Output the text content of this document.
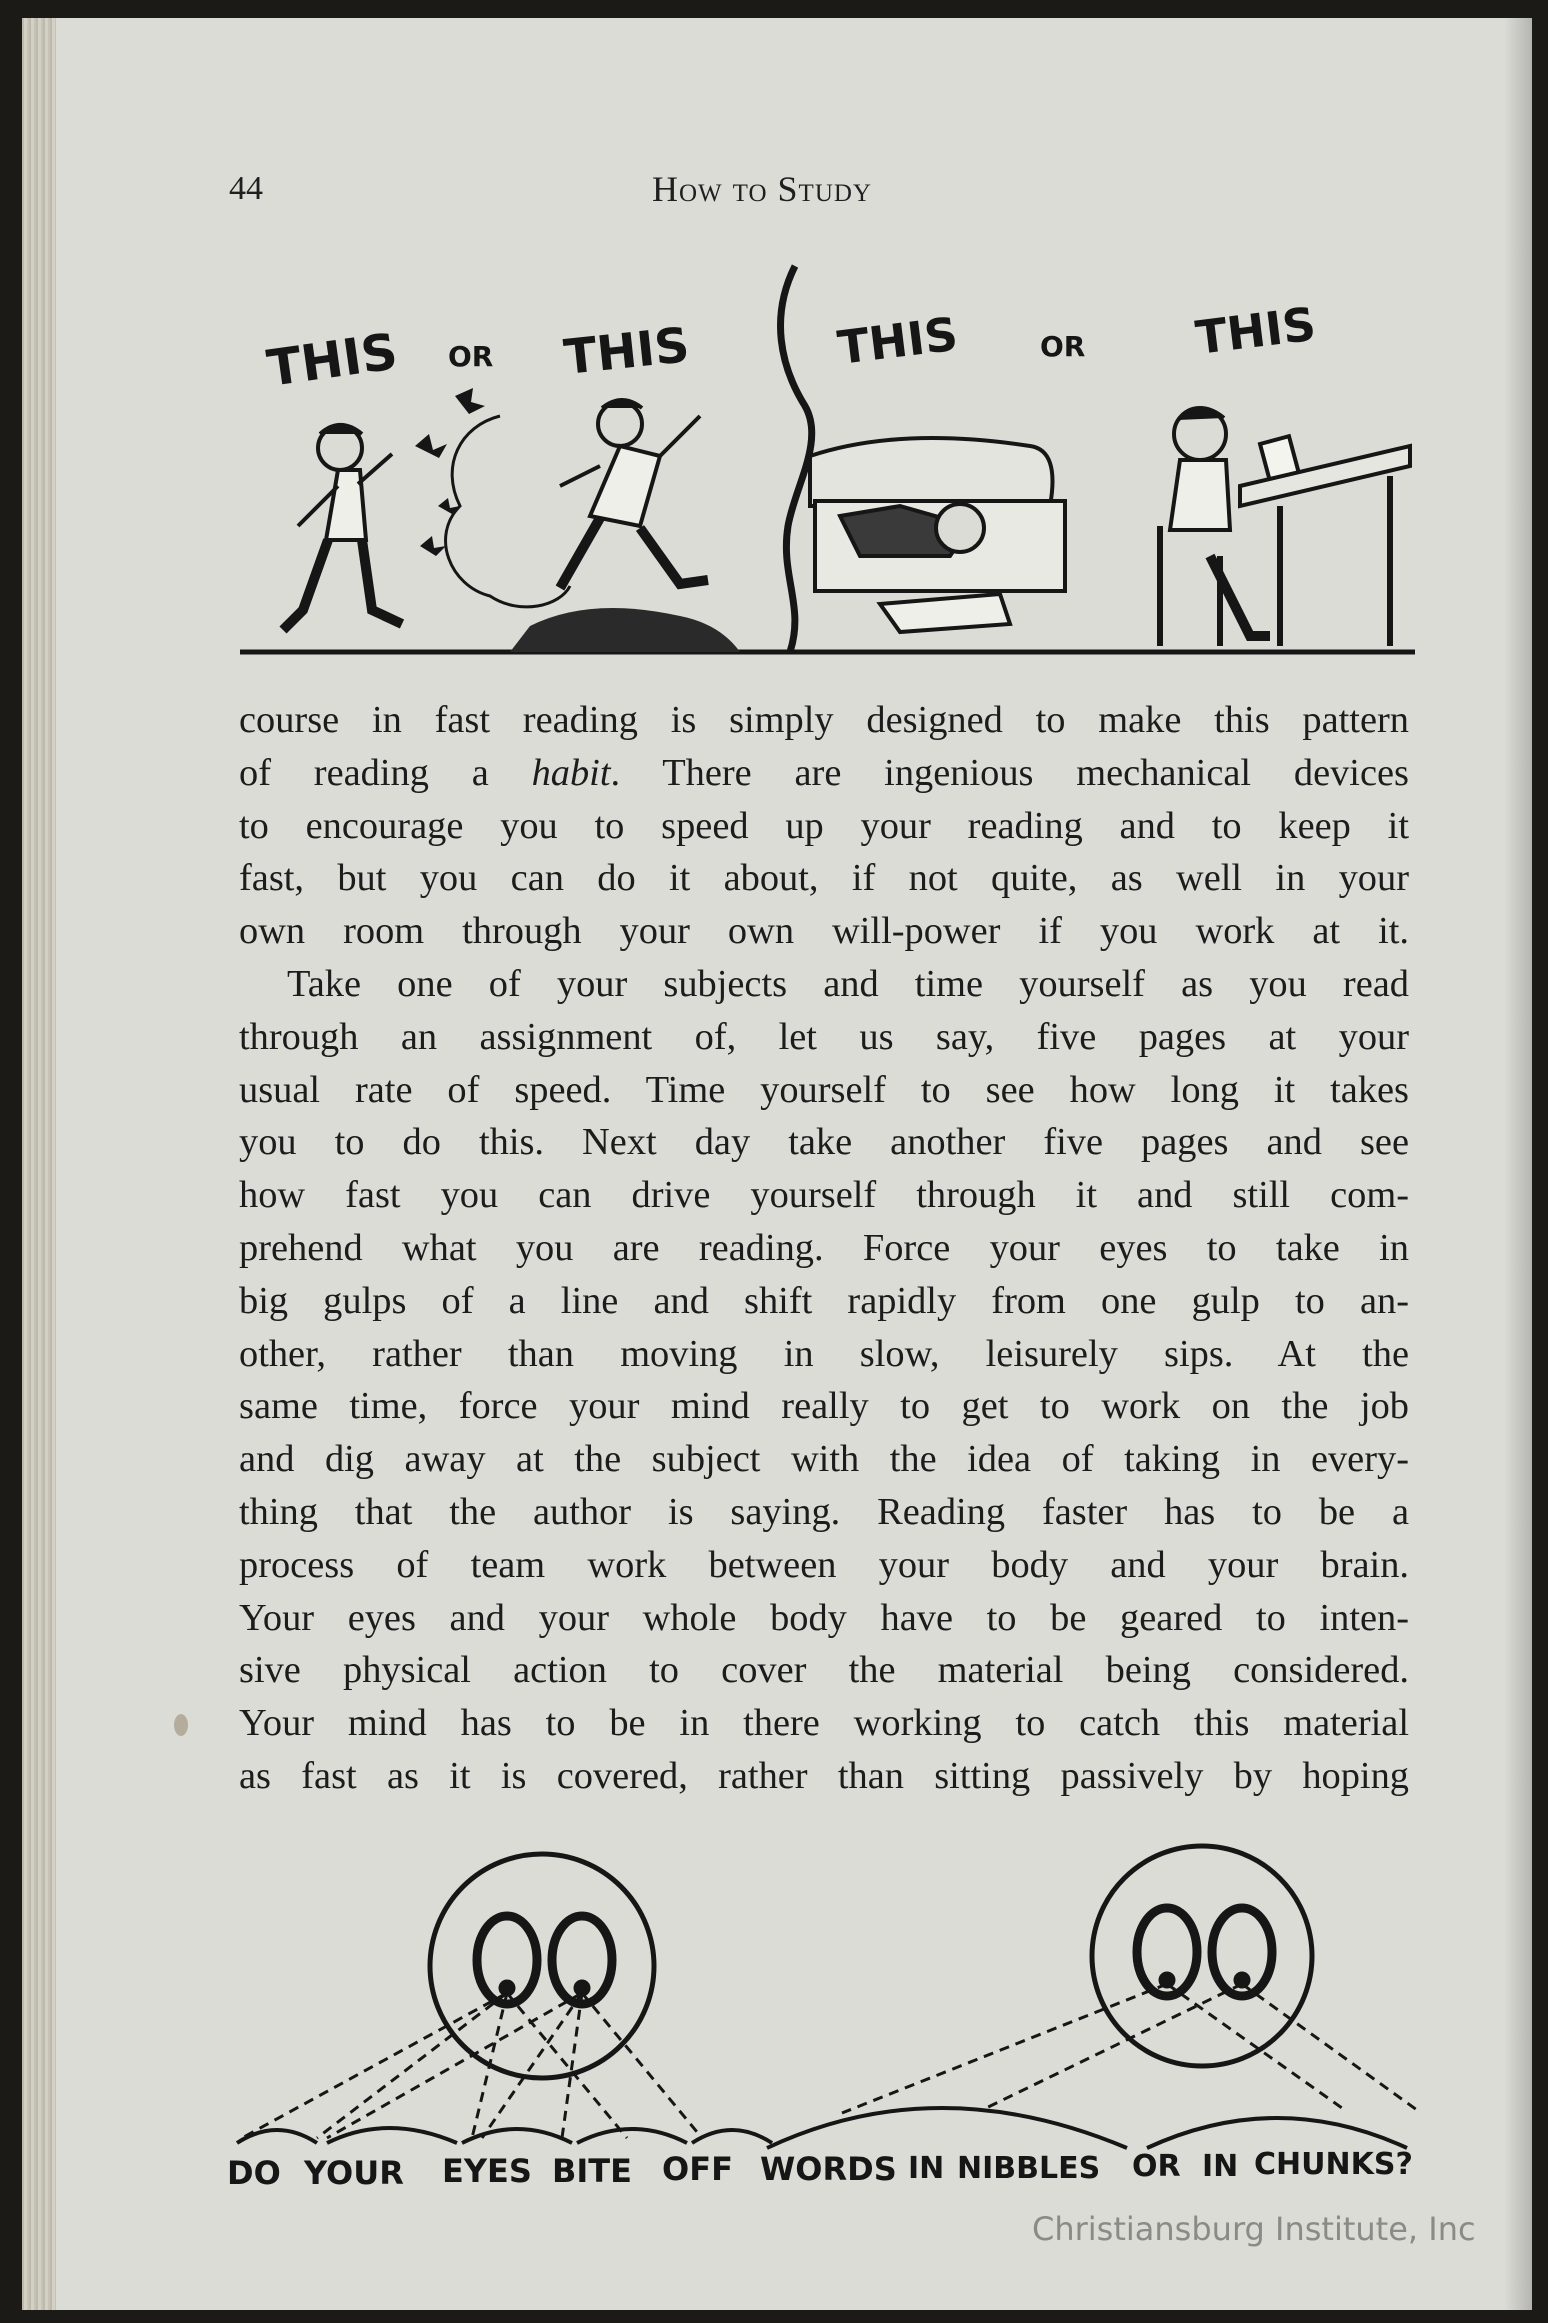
44	How to Study
THIS OR THIS	THIS	OR THIS
course in fast reading is simply designed to make this pattern
of reading a habit. There are ingenious mechanical devices
to encourage you to speed up your reading and to keep it
fast, but you can do it about, if not quite, as well in your
own room through your own will-power if you work at it.
Take one of your subjects and time yourself as you read
through an assignment of, let us say, five pages at your
usual rate of speed. Time yourself to see how long it takes
you to do this. Next day take another five pages and see
how fast you can drive yourself through it and still com-
prehend what you are reading. Force your eyes to take in
big gulps of a line and shift rapidly from one gulp to an-
other, rather than moving in slow, leisurely sips. At the
same time, force your mind really to get to work on the job
and dig away at the subject with the idea of taking in every-
thing that the author is saying. Reading faster has to be a
process of team work between your body and your brain.
Your eyes and your whole body have to be geared to inten-
sive physical action to cover the material being considered.
Your mind has to be in there working to catch this material
as fast as it is covered, rather than sitting passively by hoping
DO YOUR EYES BITE OFF WORDS IN NIBBLES OR IN CHUNKS?
Christiansburg Institute, Inc
